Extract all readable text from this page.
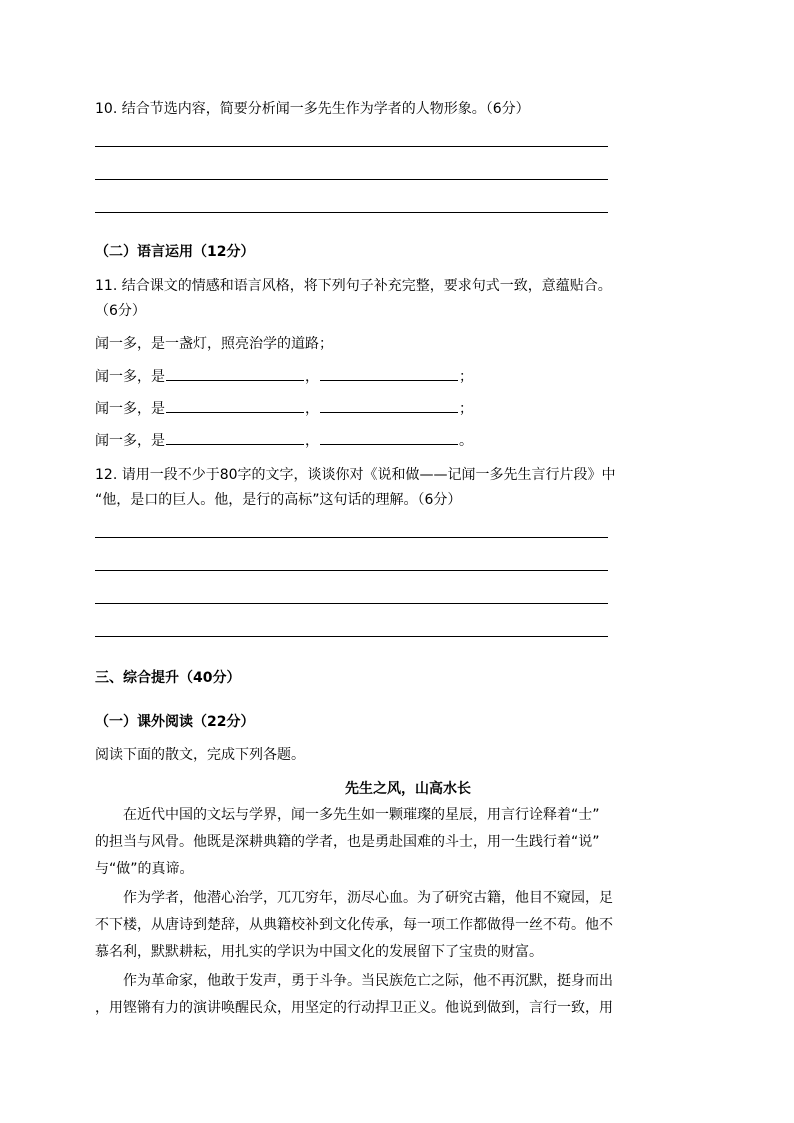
10. 结合节选内容，简要分析闻一多先生作为学者的人物形象。（6分）
（二）语言运用（12分）
11. 结合课文的情感和语言风格，将下列句子补充完整，要求句式一致，意蕴贴合。
（6分）
闻一多，是一盏灯，照亮治学的道路；
闻一多，是	，	；
闻一多，是	，	；
闻一多，是	，	。
12. 请用一段不少于80字的文字，谈谈你对《说和做——记闻一多先生言行片段》中
“他，是口的巨人。他，是行的高标”这句话的理解。（6分）
三、综合提升（40分）
（一）课外阅读（22分）
阅读下面的散文，完成下列各题。
先生之风，山高水长
　　在近代中国的文坛与学界，闻一多先生如一颗璀璨的星辰，用言行诠释着“士”
的担当与风骨。他既是深耕典籍的学者，也是勇赴国难的斗士，用一生践行着“说”
与“做”的真谛。
　　作为学者，他潜心治学，兀兀穷年，沥尽心血。为了研究古籍，他目不窥园，足
不下楼，从唐诗到楚辞，从典籍校补到文化传承，每一项工作都做得一丝不苟。他不
慕名利，默默耕耘，用扎实的学识为中国文化的发展留下了宝贵的财富。
　　作为革命家，他敢于发声，勇于斗争。当民族危亡之际，他不再沉默，挺身而出
，用铿锵有力的演讲唤醒民众，用坚定的行动捍卫正义。他说到做到，言行一致，用
